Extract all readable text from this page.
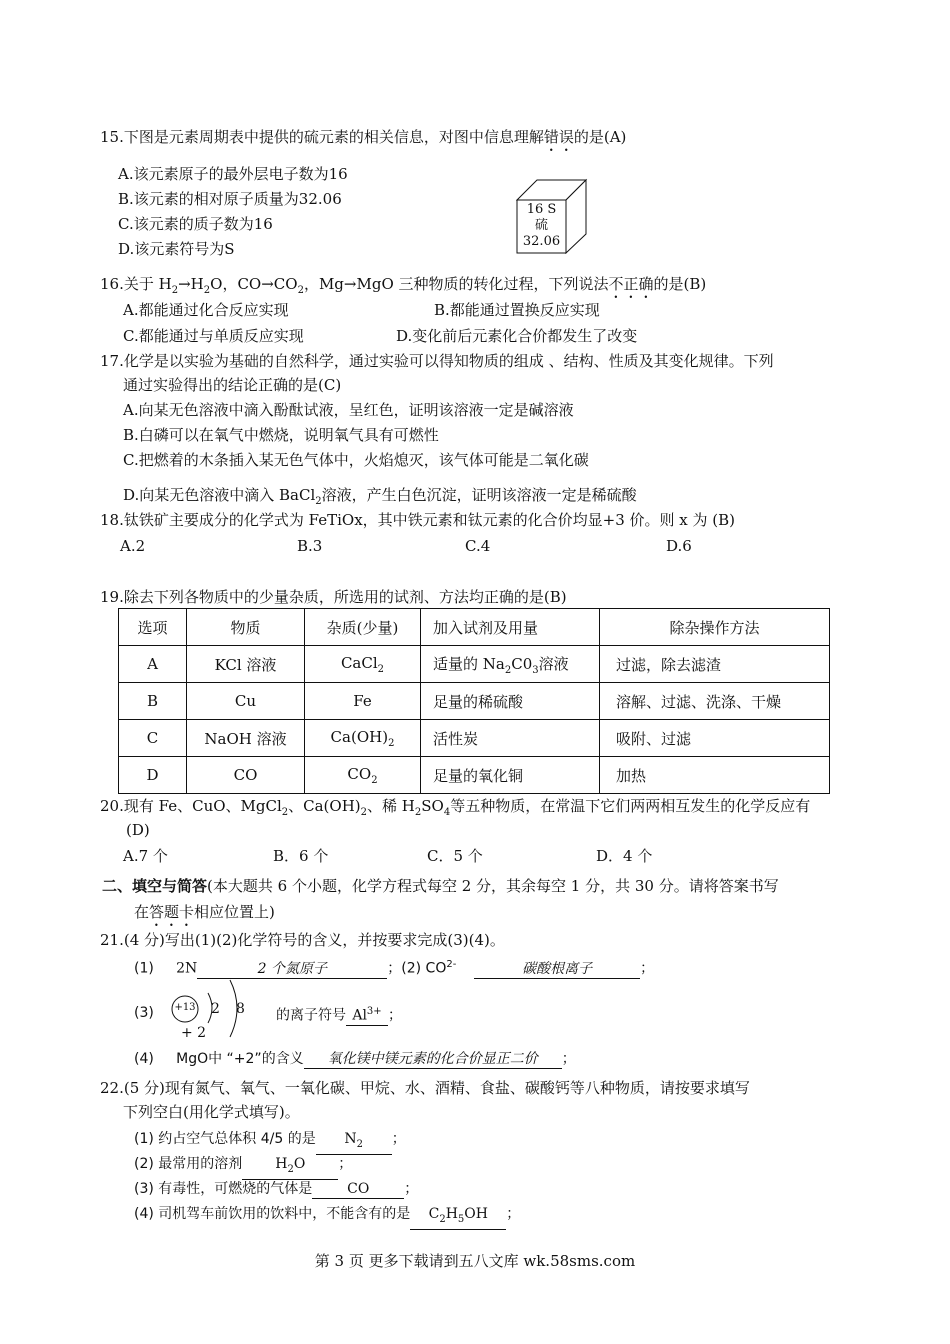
15.下图是元素周期表中提供的硫元素的相关信息，对图中信息理解错误的是(A)
A.该元素原子的最外层电子数为16
B.该元素的相对原子质量为32.06
C.该元素的质子数为16
D.该元素符号为S
16 S
硫
32.06
16.关于 $H_2\to H_2O$，$CO\to CO_2$，Mg→MgO 三种物质的转化过程，下列说法不正确的是(B)
A.都能通过化合反应实现	B.都能通过置换反应实现
C.都能通过与单质反应实现	D.变化前后元素化合价都发生了改变
17.化学是以实验为基础的自然科学，通过实验可以得知物质的组成 、结构、性质及其变化规律。下列
通过实验得出的结论正确的是(C)
A.向某无色溶液中滴入酚酞试液，呈红色，证明该溶液一定是碱溶液
B.白磷可以在氧气中燃烧，说明氧气具有可燃性
C.把燃着的木条插入某无色气体中，火焰熄灭，该气体可能是二氧化碳
D.向某无色溶液中滴入 BaCl$_2$溶液，产生白色沉淀，证明该溶液一定是稀硫酸
18.钛铁矿主要成分的化学式为 FeTiOx，其中铁元素和钛元素的化合价均显+3 价。则 x 为 (B)
A.2	B.3	C.4	D.6
19.除去下列各物质中的少量杂质，所选用的试剂、方法均正确的是(B)
选项	物质	杂质(少量)	加入试剂及用量	除杂操作方法
A	KCl 溶液	CaCl$_2$	适量的 $Na_2C0_3$溶液	过滤，除去滤渣
B	Cu	Fe	足量的稀硫酸	溶解、过滤、洗涤、干燥
C	NaOH 溶液	$Ca(OH)_2$	活性炭	吸附、过滤
D	CO	$CO_2$	足量的氧化铜	加热
20.现有 Fe、CuO、MgCl$_2$、$Ca(OH)_2$、稀 $H_2SO_4$等五种物质，在常温下它们两两相互发生的化学反应有
(D)
A.7 个	B．6 个	C．5 个	D．4 个
二、填空与简答(本大题共 6 个小题，化学方程式每空 2 分，其余每空 1 分，共 30 分。请将答案书写
在答题卡相应位置上)
21.(4 分)写出(1)(2)化学符号的含义，并按要求完成(3)(4)。
(1) 2N	2 个氮原子	；(2) $CO^{2-}$	碳酸根离子	；
(3) +13 2 8
+ 2
的离子符号 $Al^{3+}$ ；
(4) MgO中 “+2”的含义 氧化镁中镁元素的化合价显正二价 ；
22.(5 分)现有氮气、氧气、一氧化碳、甲烷、水、酒精、食盐、碳酸钙等八种物质，请按要求填写
下列空白(用化学式填写)。
(1) 约占空气总体积 4/5 的是 $N_2$ ；
(2) 最常用的溶剂 $H_2O$ ；
(3) 有毒性，可燃烧的气体是 CO ；
(4) 司机驾车前饮用的饮料中，不能含有的是 $C_2H_5OH$ ；
第 3 页 更多下载请到五八文库 wk.58sms.com
